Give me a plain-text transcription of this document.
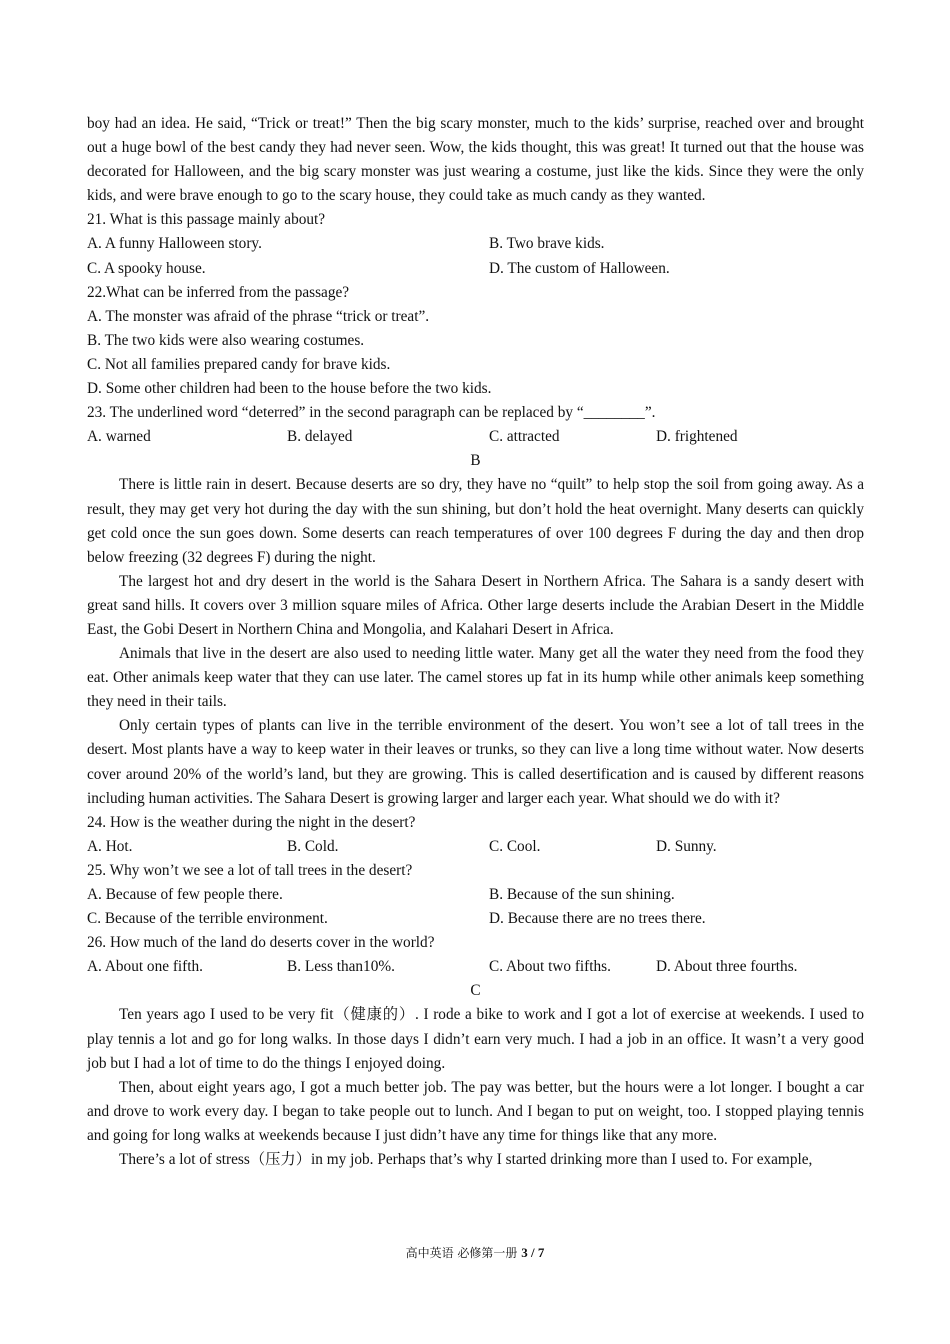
boy had an idea. He said, “Trick or treat!” Then the big scary monster, much to the kids’ surprise, reached over and brought out a huge bowl of the best candy they had never seen. Wow, the kids thought, this was great! It turned out that the house was decorated for Halloween, and the big scary monster was just wearing a costume, just like the kids. Since they were the only kids, and were brave enough to go to the scary house, they could take as much candy as they wanted.

21. What is this passage mainly about?

A. A funny Halloween story.	B. Two brave kids.
C. A spooky house.	D. The custom of Halloween.

22.What can be inferred from the passage?

A. The monster was afraid of the phrase “trick or treat”.

B. The two kids were also wearing costumes.

C. Not all families prepared candy for brave kids.

D. Some other children had been to the house before the two kids.

23. The underlined word “deterred” in the second paragraph can be replaced by “________”.

A. warned	B. delayed	C. attracted	D. frightened

B

There is little rain in desert. Because deserts are so dry, they have no “quilt” to help stop the soil from going away. As a result, they may get very hot during the day with the sun shining, but don’t hold the heat overnight. Many deserts can quickly get cold once the sun goes down. Some deserts can reach temperatures of over 100 degrees F during the day and then drop below freezing (32 degrees F) during the night.

The largest hot and dry desert in the world is the Sahara Desert in Northern Africa. The Sahara is a sandy desert with great sand hills. It covers over 3 million square miles of Africa. Other large deserts include the Arabian Desert in the Middle East, the Gobi Desert in Northern China and Mongolia, and Kalahari Desert in Africa.

Animals that live in the desert are also used to needing little water. Many get all the water they need from the food they eat. Other animals keep water that they can use later. The camel stores up fat in its hump while other animals keep something they need in their tails.

Only certain types of plants can live in the terrible environment of the desert. You won’t see a lot of tall trees in the desert. Most plants have a way to keep water in their leaves or trunks, so they can live a long time without water. Now deserts cover around 20% of the world’s land, but they are growing. This is called desertification and is caused by different reasons including human activities. The Sahara Desert is growing larger and larger each year. What should we do with it?

24. How is the weather during the night in the desert?

A. Hot.	B. Cold.	C. Cool.	D. Sunny.

25. Why won’t we see a lot of tall trees in the desert?

A. Because of few people there.	B. Because of the sun shining.
C. Because of the terrible environment.	D. Because there are no trees there.

26. How much of the land do deserts cover in the world?

A. About one fifth.	B. Less than10%.	C. About two fifths.	D. About three fourths.

C

Ten years ago I used to be very fit（健康的）. I rode a bike to work and I got a lot of exercise at weekends. I used to play tennis a lot and go for long walks. In those days I didn’t earn very much. I had a job in an office. It wasn’t a very good job but I had a lot of time to do the things I enjoyed doing.

Then, about eight years ago, I got a much better job. The pay was better, but the hours were a lot longer. I bought a car and drove to work every day. I began to take people out to lunch. And I began to put on weight, too. I stopped playing tennis and going for long walks at weekends because I just didn’t have any time for things like that any more.

There’s a lot of stress（压力）in my job. Perhaps that’s why I started drinking more than I used to. For example,

高中英语 必修第一册 3 / 7
